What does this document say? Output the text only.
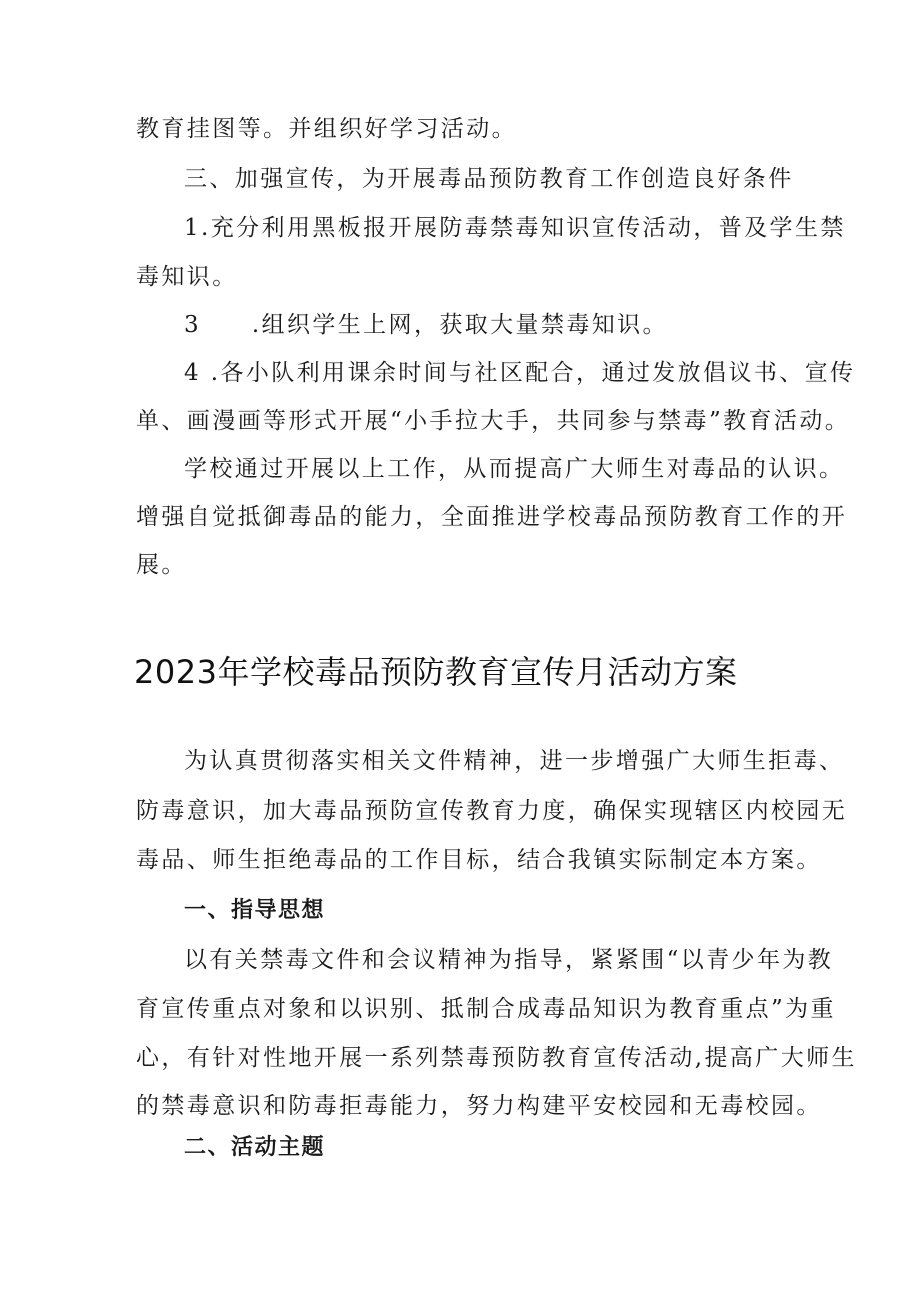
教育挂图等。并组织好学习活动。
三、加强宣传，为开展毒品预防教育工作创造良好条件
1.充分利用黑板报开展防毒禁毒知识宣传活动，普及学生禁
毒知识。
3　　.组织学生上网，获取大量禁毒知识。
4 .各小队利用课余时间与社区配合，通过发放倡议书、宣传
单、画漫画等形式开展“小手拉大手，共同参与禁毒”教育活动。
学校通过开展以上工作，从而提高广大师生对毒品的认识。
增强自觉抵御毒品的能力，全面推进学校毒品预防教育工作的开
展。
2023年学校毒品预防教育宣传月活动方案
为认真贯彻落实相关文件精神，进一步增强广大师生拒毒、
防毒意识，加大毒品预防宣传教育力度，确保实现辖区内校园无
毒品、师生拒绝毒品的工作目标，结合我镇实际制定本方案。
一、指导思想
以有关禁毒文件和会议精神为指导，紧紧围“以青少年为教
育宣传重点对象和以识别、抵制合成毒品知识为教育重点”为重
心，有针对性地开展一系列禁毒预防教育宣传活动,提高广大师生
的禁毒意识和防毒拒毒能力，努力构建平安校园和无毒校园。
二、活动主题
